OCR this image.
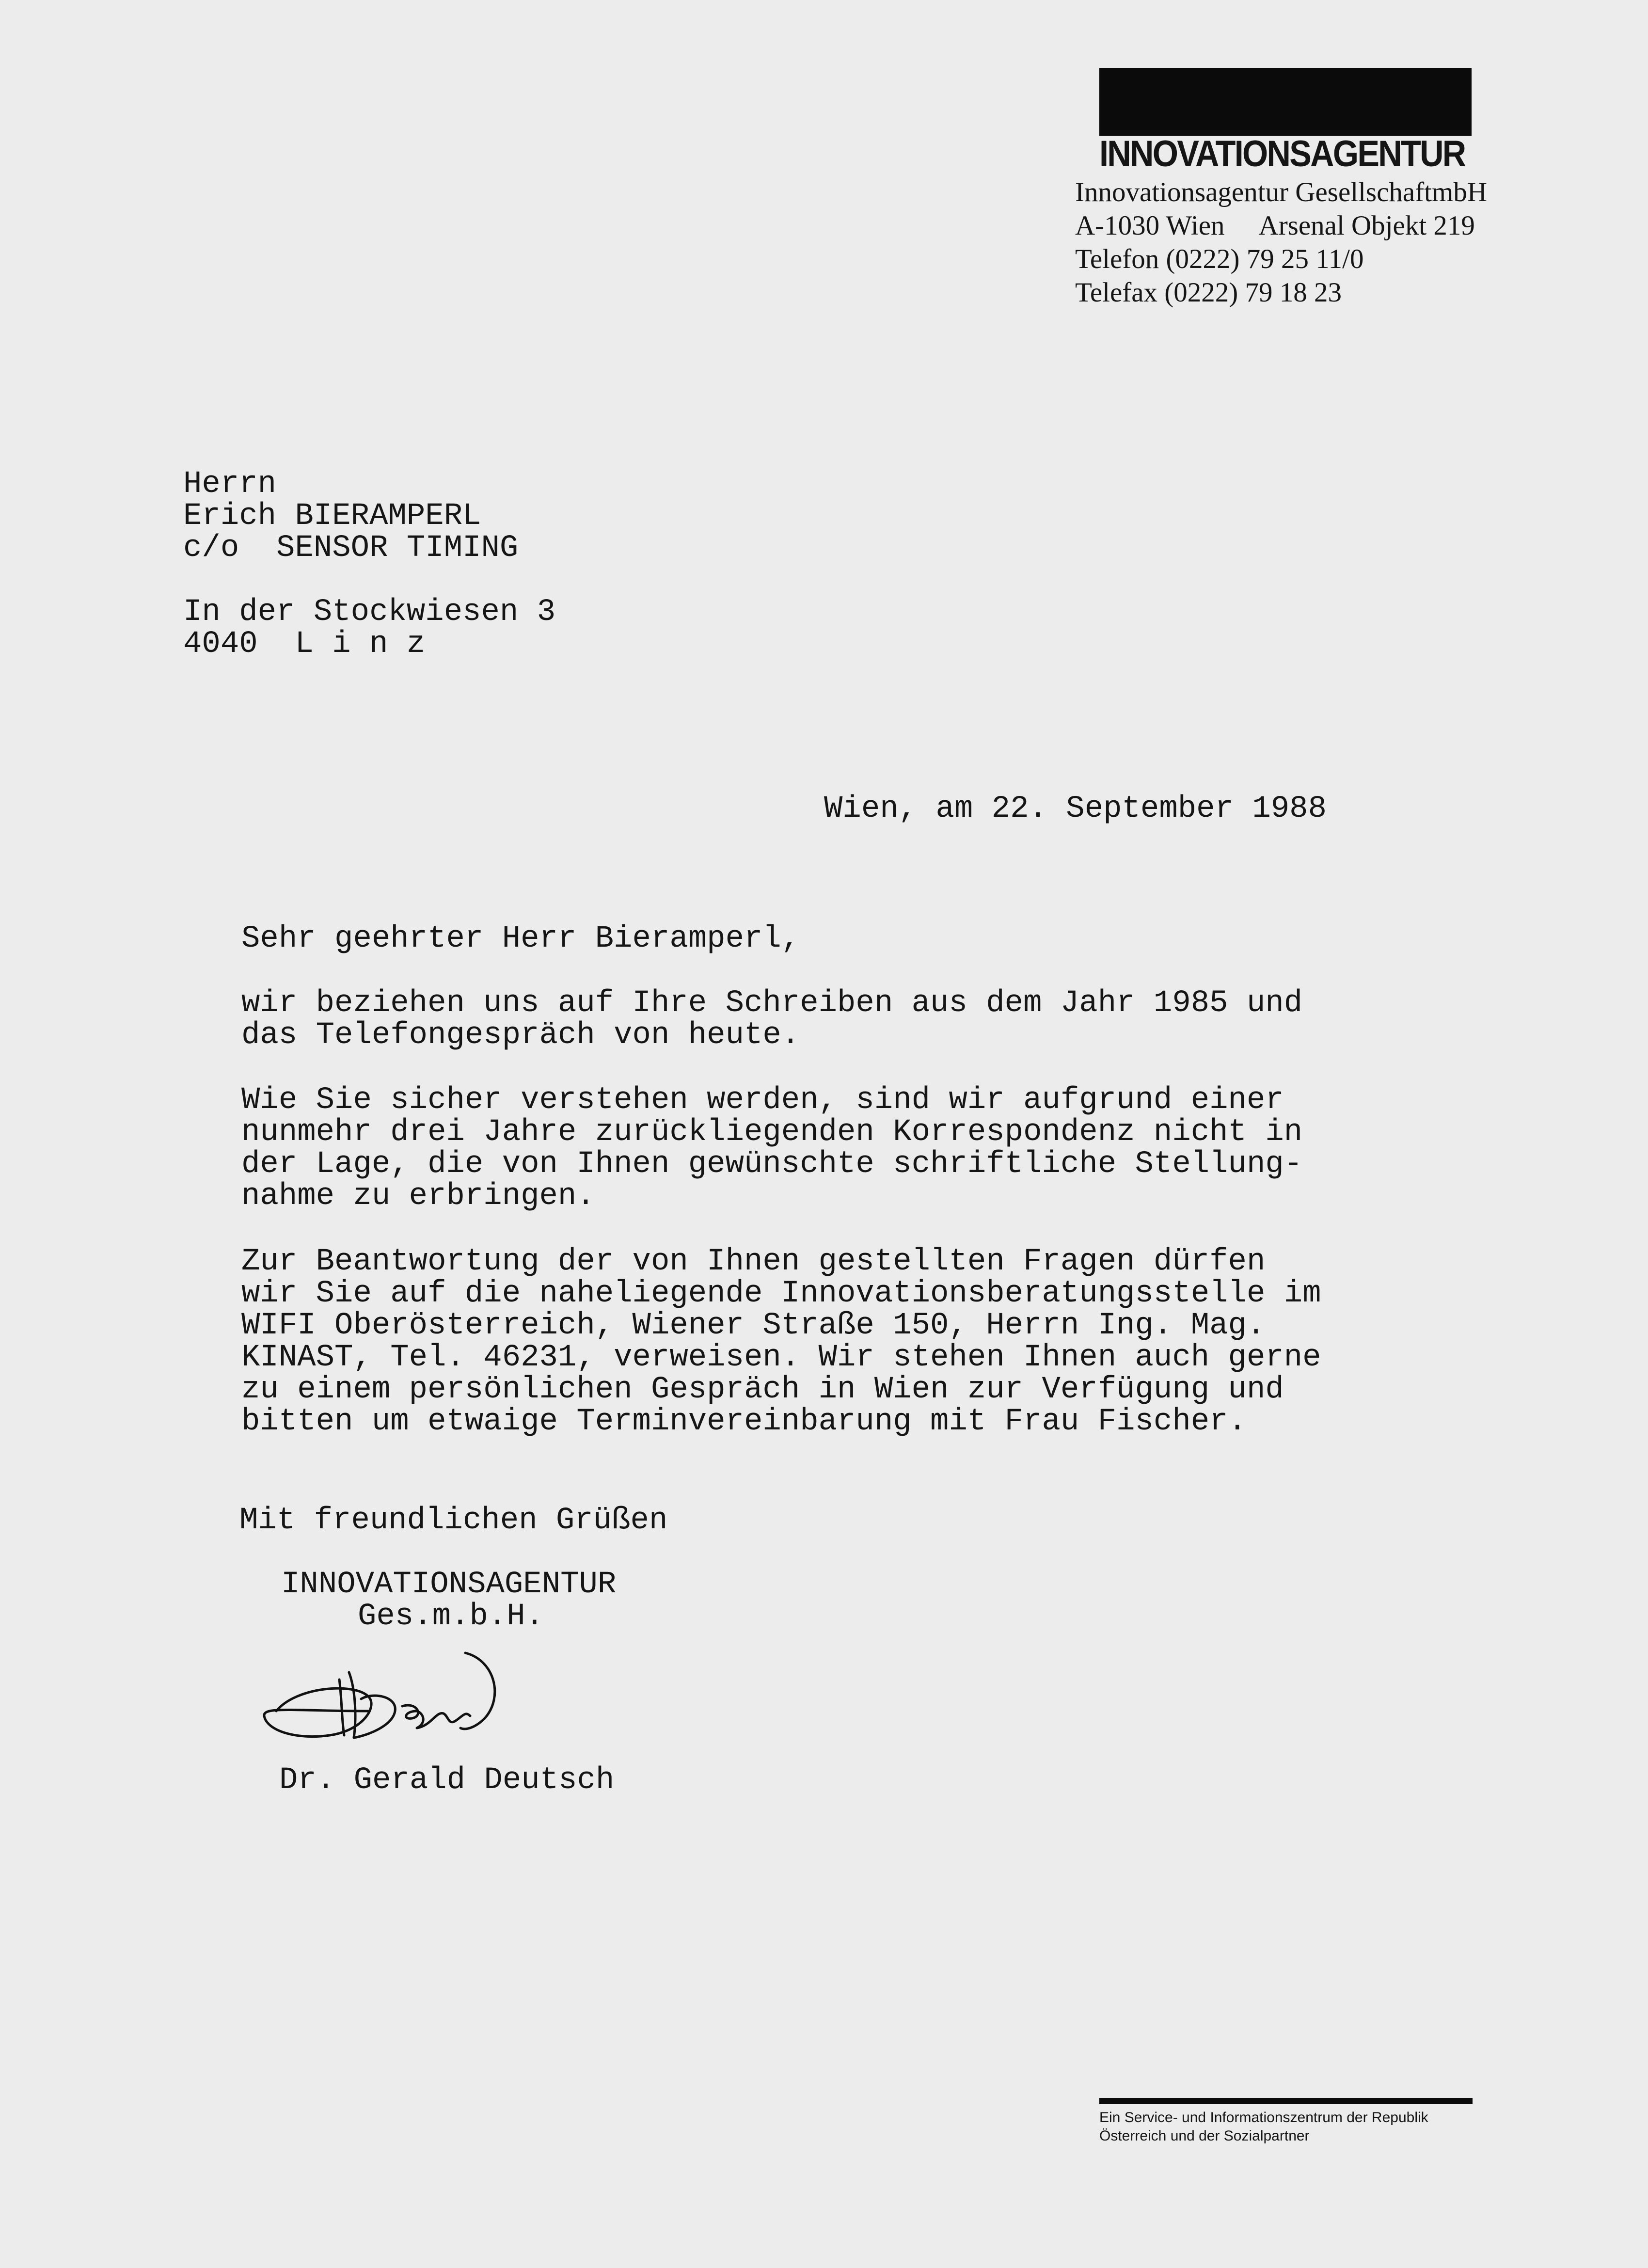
INNOVATIONSAGENTUR
Innovationsagentur GesellschaftmbH
A-1030 Wien Arsenal Objekt 219
Telefon (0222) 79 25 11/0
Telefax (0222) 79 18 23
Herrn
Erich BIERAMPERL
c/o  SENSOR TIMING
In der Stockwiesen 3
4040  L i n z
Wien, am 22. September 1988
Sehr geehrter Herr Bieramperl,
wir beziehen uns auf Ihre Schreiben aus dem Jahr 1985 und
das Telefongespräch von heute.
Wie Sie sicher verstehen werden, sind wir aufgrund einer
nunmehr drei Jahre zurückliegenden Korrespondenz nicht in
der Lage, die von Ihnen gewünschte schriftliche Stellung-
nahme zu erbringen.
Zur Beantwortung der von Ihnen gestellten Fragen dürfen
wir Sie auf die naheliegende Innovationsberatungsstelle im
WIFI Oberösterreich, Wiener Straße 150, Herrn Ing. Mag.
KINAST, Tel. 46231, verweisen. Wir stehen Ihnen auch gerne
zu einem persönlichen Gespräch in Wien zur Verfügung und
bitten um etwaige Terminvereinbarung mit Frau Fischer.
Mit freundlichen Grüßen
INNOVATIONSAGENTUR
Ges.m.b.H.
Dr. Gerald Deutsch
Ein Service- und Informationszentrum der Republik
Österreich und der Sozialpartner
